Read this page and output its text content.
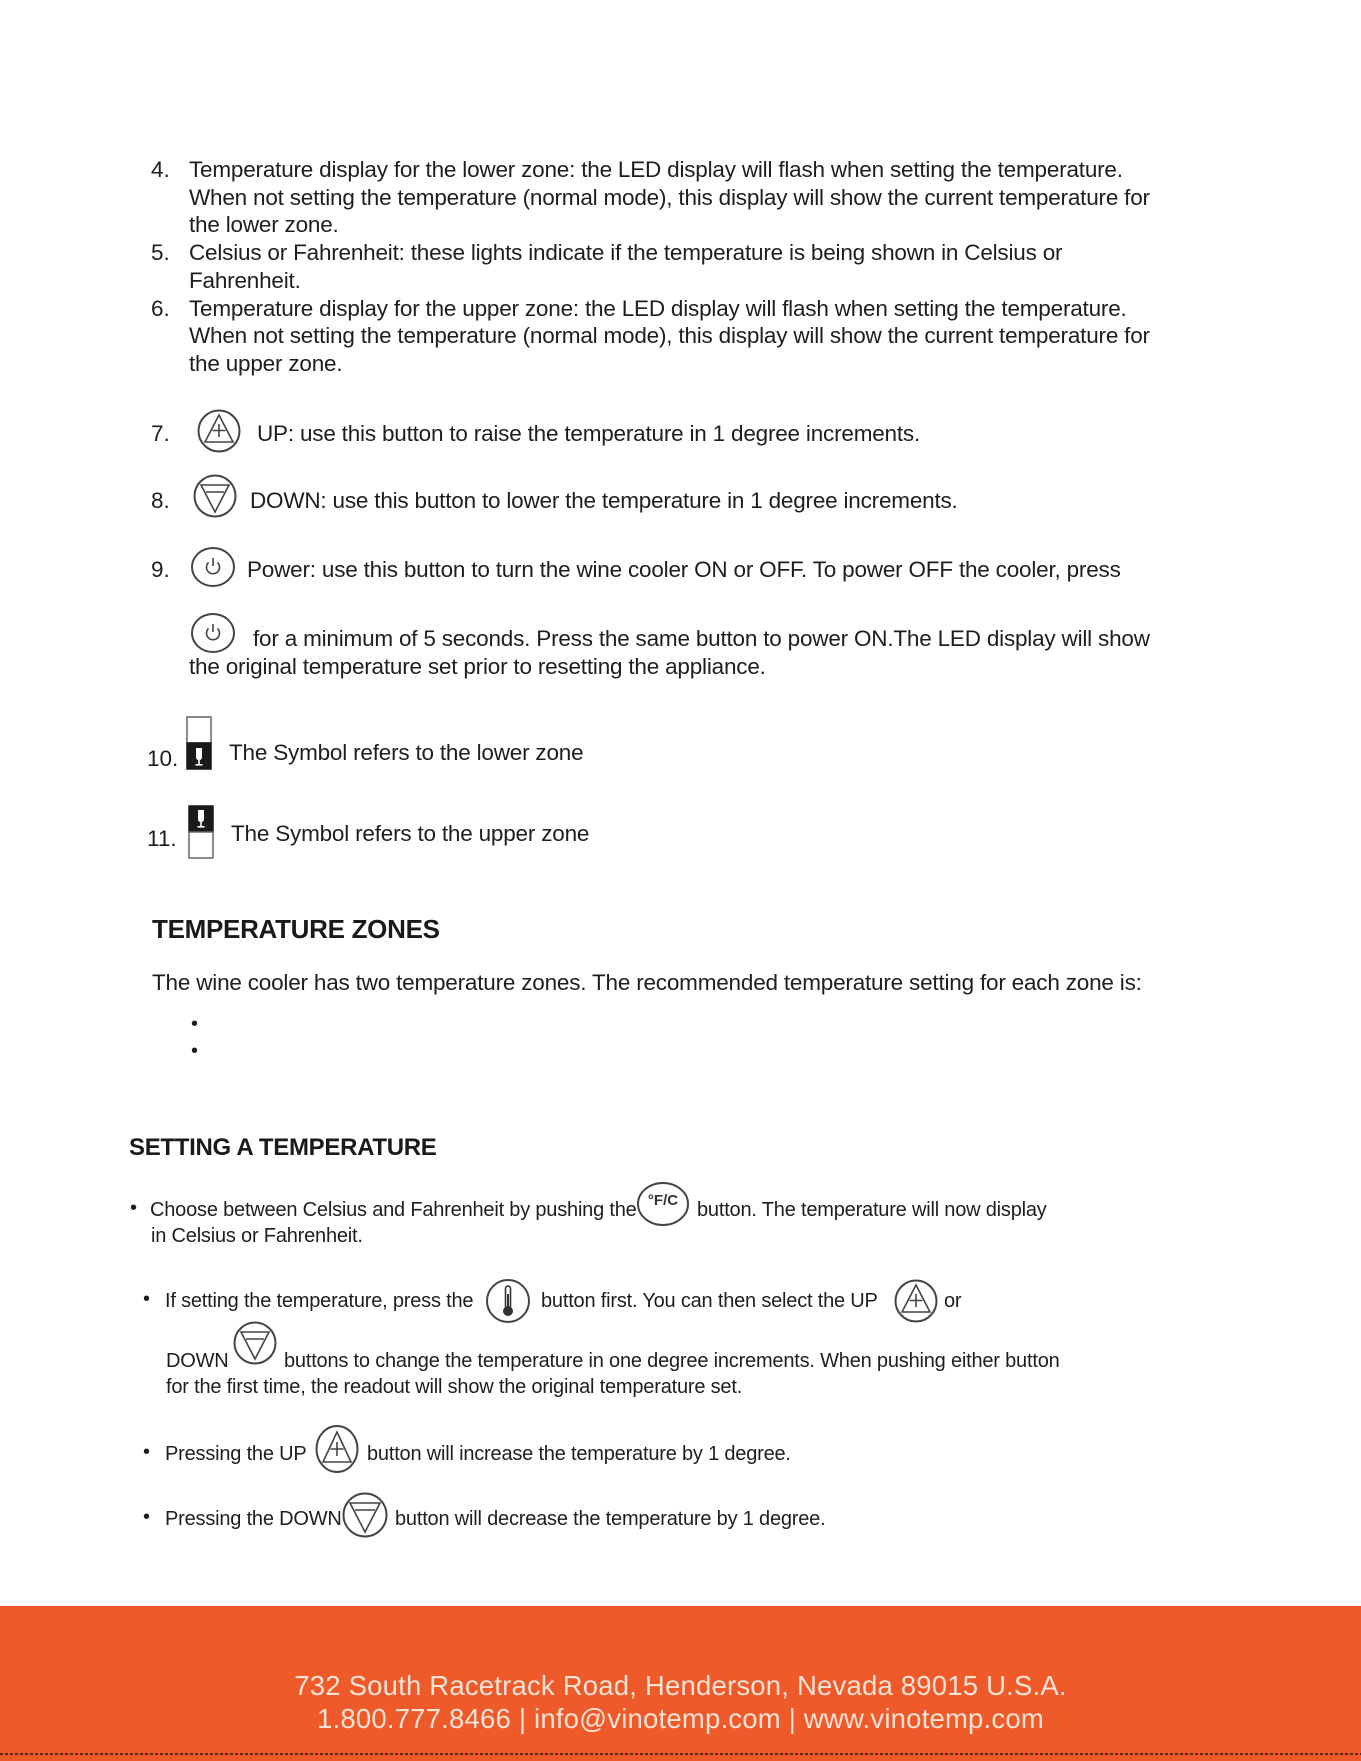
4. Temperature display for the lower zone: the LED display will flash when setting the temperature.
When not setting the temperature (normal mode), this display will show the current temperature for
the lower zone.
5. Celsius or Fahrenheit: these lights indicate if the temperature is being shown in Celsius or
Fahrenheit.
6. Temperature display for the upper zone: the LED display will flash when setting the temperature.
When not setting the temperature (normal mode), this display will show the current temperature for
the upper zone.
7.	UP: use this button to raise the temperature in 1 degree increments.
8.	DOWN: use this button to lower the temperature in 1 degree increments.
9.	Power: use this button to turn the wine cooler ON or OFF. To power OFF the cooler, press
for a minimum of 5 seconds. Press the same button to power ON.The LED display will show
the original temperature set prior to resetting the appliance.
10. The Symbol refers to the lower zone
11. The Symbol refers to the upper zone
TEMPERATURE ZONES
The wine cooler has two temperature zones. The recommended temperature setting for each zone is:
•
•
SETTING A TEMPERATURE
• Choose between Celsius and Fahrenheit by pushing the °F/C button. The temperature will now display
in Celsius or Fahrenheit.
• If setting the temperature, press the	button first. You can then select the UP	or
DOWN	buttons to change the temperature in one degree increments. When pushing either button
for the first time, the readout will show the original temperature set.
• Pressing the UP	button will increase the temperature by 1 degree.
• Pressing the DOWN	button will decrease the temperature by 1 degree.
732 South Racetrack Road, Henderson, Nevada 89015 U.S.A.
1.800.777.8466 | info@vinotemp.com | www.vinotemp.com
